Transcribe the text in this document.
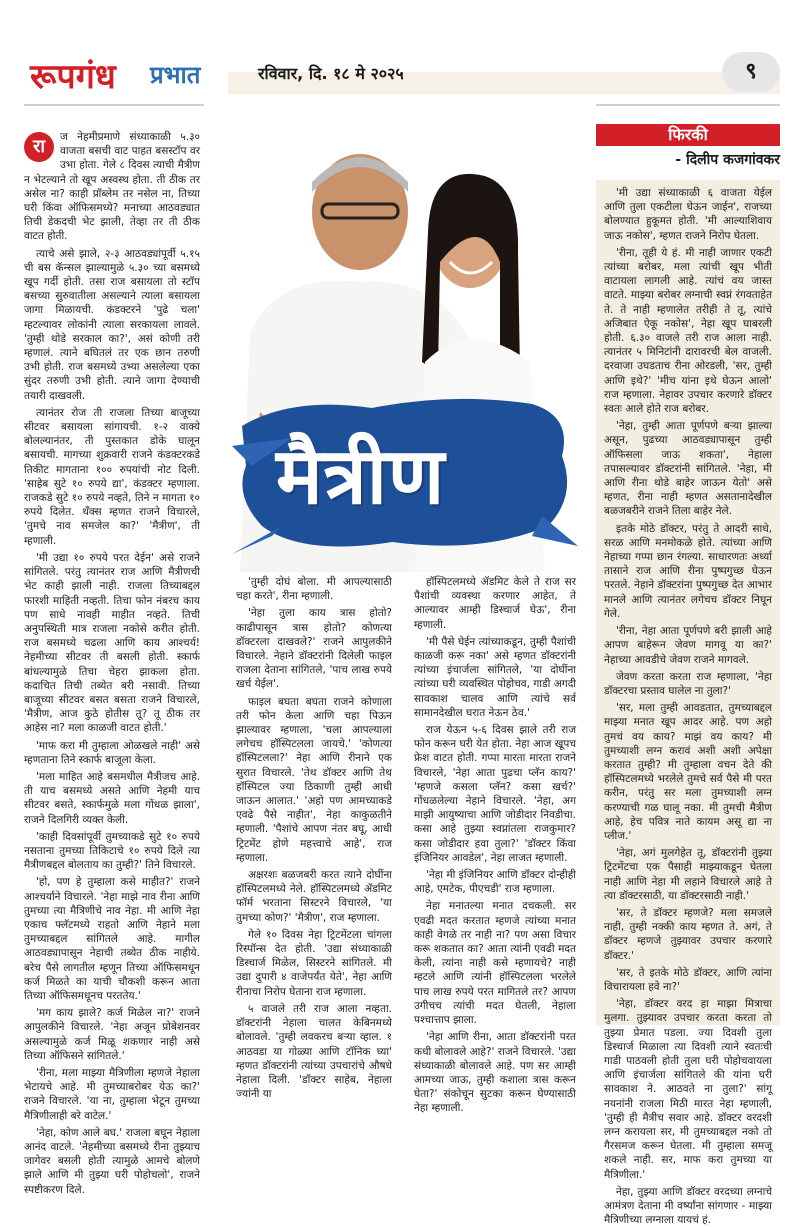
रूपगंध प्रभात	रविवार, दि. १८ मे २०२५	९
रा	ज नेहमीप्रमाणे संध्याकाळी ५.३० वाजता बसची वाट पाहत बसस्टॉप वर उभा होता. गेले ८ दिवस त्याची मैत्रीण न भेटल्याने तो खूप अस्वस्थ होता. ती ठीक तर असेल ना? काही प्रॉब्लेम तर नसेल ना, तिच्या घरी किंवा ऑफिसमध्ये? मनाच्या आठवड्यात तिची डेकदची भेट झाली, तेव्हा तर ती ठीक वाटत होती.

त्याचे असे झाले, २-३ आठवड्यांपूर्वी ५.१५ ची बस कॅन्सल झाल्यामुळे ५.३० च्या बसमध्ये खूप गर्दी होती. तसा राज बसायला तो स्टॉप बसच्या सुरुवातीला असल्याने त्याला बसायला जागा मिळायची. कंडक्टरने 'पुढे चला' म्हटल्यावर लोकांनी त्याला सरकायला लावले. 'तुम्ही थोडे सरकाल का?', असं कोणी तरी म्हणालं. त्याने बघितलं तर एक छान तरुणी उभी होती. राज बसमध्ये उभ्या असलेल्या एका सुंदर तरुणी उभी होती. त्याने जागा देण्याची तयारी दाखवली.

त्यानंतर रोज ती राजला तिच्या बाजूच्या सीटवर बसायला सांगायची. १-२ वाक्ये बोलल्यानंतर, ती पुस्तकात डोके घालून बसायची. मागच्या शुक्रवारी राजने कंडक्टरकडे तिकीट मागताना १०० रुपयांची नोट दिली. 'साहेब सुटे १० रुपये द्या', कंडक्टर म्हणाला. राजकडे सुटे १० रुपये नव्हते, तिने न मागता १० रुपये दिलेत. थँक्स म्हणत राजने विचारले, 'तुमचे नाव समजेल का?' 'मैत्रीण', ती म्हणाली.

'मी उद्या १० रुपये परत देईन' असे राजने सांगितले. परंतु त्यानंतर राज आणि मैत्रीणची भेट काही झाली नाही. राजला तिच्याबद्दल फारशी माहिती नव्हती. तिचा फोन नंबरच काय पण साधे नावही माहीत नव्हते. तिची अनुपस्थिती मात्र राजला नकोसे करीत होती. राज बसमध्ये चढला आणि काय आश्चर्य! नेहमीच्या सीटवर ती बसली होती. स्कार्फ बांधल्यामुळे तिचा चेहरा झाकला होता. कदाचित तिची तब्येत बरी नसावी. तिच्या बाजूच्या सीटवर बसत बसता राजने विचारले, 'मैत्रीण, आज कुठे होतीस तू? तू ठीक तर आहेस ना? मला काळजी वाटत होती.'

'माफ करा मी तुम्हाला ओळखले नाही' असे म्हणताना तिने स्कार्फ बाजूला केला.

'मला माहित आहे बसमधील मैत्रीजच आहे. ती याच बसमध्ये असते आणि नेहमी याच सीटवर बसते, स्कार्फमुळे मला गोंधळ झाला', राजने दिलगिरी व्यक्त केली.

'काही दिवसांपूर्वी तुमच्याकडे सुटे १० रुपये नसताना तुमच्या तिकिटाचे १० रुपये दिले त्या मैत्रीणबद्दल बोलताय का तुम्ही?' तिने विचारले.

'हो, पण हे तुम्हाला कसे माहीत?' राजने आश्चर्याने विचारले. 'नेहा माझे नाव रीना आणि तुमच्या त्या मैत्रिणीचे नाव नेहा. मी आणि नेहा एकाच फ्लॅटमध्ये राहतो आणि नेहाने मला तुमच्याबद्दल सांगितले आहे. मागील आठवड्यापासून नेहाची तब्येत ठीक नाहीये. बरेच पैसे लागतील म्हणून तिच्या ऑफिसमधून कर्ज मिळते का याची चौकशी करून आता तिच्या ऑफिसमधूनच परततेय.'

'मग काय झाले? कर्ज मिळेल ना?' राजने आपुलकीने विचारले. 'नेहा अजून प्रोबेशनवर असल्यामुळे कर्ज मिळू शकणार नाही असे तिच्या ऑफिसने सांगितले.'

'रीना, मला माझ्या मैत्रिणीला म्हणजे नेहाला भेटायचे आहे. मी तुमच्याबरोबर येऊ का?' राजने विचारले. 'या ना, तुम्हाला भेटून तुमच्या मैत्रिणीलाही बरे वाटेल.'

'नेहा, कोण आले बघ.' राजला बघून नेहाला आनंद वाटले. 'नेहमीच्या बसमध्ये रीना तुझ्याच जागेवर बसली होती त्यामुळे आमचे बोलणे झाले आणि मी तुझ्या घरी पोहोचलो', राजने स्पष्टीकरण दिले.

मैत्रीण

'तुम्ही दोघं बोला. मी आपल्यासाठी चहा करते', रीना म्हणाली.

'नेहा तुला काय त्रास होतो? काढीपासून त्रास होतो? कोणत्या डॉक्टरला दाखवले?' राजने आपुलकीने विचारले. नेहाने डॉक्टरांनी दिलेली फाइल राजला देताना सांगितले, 'पाच लाख रुपये खर्च येईल'.

फाइल बघता बघता राजने कोणाला तरी फोन केला आणि चहा पिऊन झाल्यावर म्हणाला, 'चला आपल्याला लगेचच हॉस्पिटलला जायचे.' 'कोणत्या हॉस्पिटलला?' नेहा आणि रीनाने एक सुरात विचारले. 'तेथ डॉक्टर आणि तेथ हॉस्पिटल ज्या ठिकाणी तुम्ही आधी जाऊन आलात.' 'अहो पण आमच्याकडे एवढे पैसे नाहीत', नेहा काकुळतीने म्हणाली. 'पैशांचे आपण नंतर बघू, आधी ट्रिटमेंट होणे महत्त्वाचे आहे', राज म्हणाला.

अक्षरशः बळजबरी करत त्याने दोघींना हॉस्पिटलमध्ये नेले. हॉस्पिटलमध्ये ॲडमिट फॉर्म भरताना सिस्टरने विचारले, 'या तुमच्या कोण?' 'मैत्रीण', राज म्हणाला.

गेले १० दिवस नेहा ट्रिटमेंटला चांगला रिस्पॉन्स देत होती. 'उद्या संध्याकाळी डिस्चार्ज मिळेल, सिस्टरने सांगितले. मी उद्या दुपारी ४ वाजेपर्यंत येते', नेहा आणि रीनाचा निरोप घेताना राज म्हणाला.

५ वाजले तरी राज आला नव्हता. डॉक्टरांनी नेहाला चालत केबिनमध्ये बोलावले. 'तुम्ही लवकरच बऱ्या व्हाल. १ आठवडा या गोळ्या आणि टॉनिक घ्या' म्हणत डॉक्टरांनी त्यांच्या उपचारांचे औषधे नेहाला दिली. 'डॉक्टर साहेब, नेहाला ज्यांनी या

हॉस्पिटलमध्ये ॲडमिट केले ते राज सर पैशांची व्यवस्था करणार आहेत, ते आल्यावर आम्ही डिस्चार्ज घेऊ', रीना म्हणाली.

'मी पैसे घेईन त्यांच्याकडून, तुम्ही पैशांची काळजी करू नका' असे म्हणत डॉक्टरांनी त्यांच्या इंचार्जला सांगितले, 'या दोघींना त्यांच्या घरी व्यवस्थित पोहोचव, गाडी अगदी सावकाश चालव आणि त्यांचे सर्व सामानदेखील घरात नेऊन ठेव.'

राज येऊन ५-६ दिवस झाले तरी राज फोन करून घरी येत होता. नेहा आज खूपच फ्रेश वाटत होती. गप्पा मारता मारता राजने विचारले, 'नेहा आता पुढचा प्लॅन काय?' 'म्हणजे कसला प्लॅन? कसा खर्च?' गोंधळलेल्या नेहाने विचारले. 'नेहा, अग माझी आयुष्याचा आणि जोडीदार निवडीचा. कसा आहे तुझ्या स्वप्नांतला राजकुमार? कसा जोडीदार हवा तुला?' 'डॉक्टर किंवा इंजिनियर आवडेल', नेहा लाजत म्हणाली.

'नेहा मी इंजिनियर आणि डॉक्टर दोन्हीही आहे, एमटेक, पीएचडी' राज म्हणाला.

नेहा मनातल्या मनात दचकली. सर एवढी मदत करतात म्हणजे त्यांच्या मनात काही वेगळे तर नाही ना? पण असा विचार करू शकतात का? आता त्यांनी एवढी मदत केली, त्यांना नाही कसे म्हणायचे? नाही म्हटले आणि त्यांनी हॉस्पिटलला भरलेले पाच लाख रुपये परत मागितले तर? आपण उगीचच त्यांची मदत घेतली, नेहाला पश्चात्ताप झाला.

'नेहा आणि रीना, आता डॉक्टरांनी परत कधी बोलावले आहे?' राजने विचारले. 'उद्या संध्याकाळी बोलावले आहे. पण सर आम्ही आमच्या जाऊ, तुम्ही कशाला त्रास करून घेता?' संकोचून सुटका करून घेण्यासाठी नेहा म्हणाली.

फिरकी
- दिलीप कजगांवकर

'मी उद्या संध्याकाळी ६ वाजता येईल आणि तुला एकटीला घेऊन जाईन', राजच्या बोलण्यात हुकूमत होती. 'मी आल्याशिवाय जाऊ नकोस', म्हणत राजने निरोप घेतला.

'रीना, तूही ये हं. मी नाही जाणार एकटी त्यांच्या बरोबर, मला त्यांची खूप भीती वाटायला लागली आहे. त्यांचं वय जास्त वाटते. माझ्या बरोबर लग्नाची स्वप्नं रंगवताहेत ते. ते नाही म्हणालेत तरीही ते तू, त्यांचे अजिबात ऐकू नकोस', नेहा खूप घाबरली होती. ६.३० वाजले तरी राज आला नाही. त्यानंतर ५ मिनिटांनी दारावरची बेल वाजली. दरवाजा उघडताच रीना ओरडली, 'सर, तुम्ही आणि इथे?' 'मीच यांना इथे घेऊन आलो' राज म्हणाला. नेहावर उपचार करणारे डॉक्टर स्वतः आले होते राज बरोबर.

'नेहा, तुम्ही आता पूर्णपणे बऱ्या झाल्या असून, पुढच्या आठवड्यापासून तुम्ही ऑफिसला जाऊ शकता', नेहाला तपासल्यावर डॉक्टरांनी सांगितले. 'नेहा, मी आणि रीना थोडे बाहेर जाऊन येतो' असे म्हणत, रीना नाही म्हणत असतानादेखील बळजबरीने राजने तिला बाहेर नेले.

इतके मोठे डॉक्टर, परंतु ते आदरी साधे, सरळ आणि मनमोकळे होते. त्यांच्या आणि नेहाच्या गप्पा छान रंगल्या. साधारणतः अर्ध्या तासाने राज आणि रीना पुष्पगुच्छ घेऊन परतले. नेहाने डॉक्टरांना पुष्पगुच्छ देत आभार मानले आणि त्यानंतर लगेचच डॉक्टर निघून गेले.

'रीना, नेहा आता पूर्णपणे बरी झाली आहे आपण बाहेरून जेवण मागवू या का?' नेहाच्या आवडीचे जेवण राजने मागवले.

जेवण करता करता राज म्हणाला, 'नेहा डॉक्टरचा प्रस्ताव घालेल ना तुला?'

'सर, मला तुम्ही आवडतात, तुमच्याबद्दल माझ्या मनात खूप आदर आहे. पण अहो तुमचं वय काय? माझं वय काय? मी तुमच्याशी लग्न करावं अशी अशी अपेक्षा करतात तुम्ही? मी तुम्हाला वचन देते की हॉस्पिटलमध्ये भरलेले तुमचे सर्व पैसे मी परत करीन, परंतु सर मला तुमच्याशी लग्न करण्याची गळ घालू नका. मी तुमची मैत्रीण आहे, हेच पवित्र नाते कायम असू द्या ना प्लीज.'

'नेहा, अगं मुलगेहेत तू, डॉक्टरांनी तुझ्या ट्रिटमेंटचा एक पैसाही माझ्याकडून घेतला नाही आणि नेहा मी लहाने विचारले आहे ते त्या डॉक्टरसाठी, या डॉक्टरसाठी नाही.'

'सर, ते डॉक्टर म्हणजे? मला समजले नाही, तुम्ही नक्की काय म्हणत ते. अगं, ते डॉक्टर म्हणजे तुझ्यावर उपचार करणारे डॉक्टर.'

'सर, ते इतके मोठे डॉक्टर, आणि त्यांना विचारायला हवे ना?'

'नेहा, डॉक्टर वरद हा माझा मित्राचा मुलगा. तुझ्यावर उपचार करता करता तो तुझ्या प्रेमात पडला. ज्या दिवशी तुला डिस्चार्ज मिळाला त्या दिवशी त्याने स्वतःची गाडी पाठवली होती तुला घरी पोहोचवायला आणि इंचार्जला सांगितले की यांना घरी सावकाश ने. आठवते ना तुला?' सांगू नयनांनी राजला मिठी मारत नेहा म्हणाली, 'तुम्ही ही मैत्रीच सवार आहे. डॉक्टर वरदशी लग्न करायला सर, मी तुमच्याबद्दल नको तो गैरसमज करून घेतला. मी तुम्हाला समजू शकले नाही. सर, माफ करा तुमच्या या मैत्रिणीला.'

नेहा, तुझ्या आणि डॉक्टर वरदच्या लग्नाचे आमंत्रण देताना मी वर्ष्यांना सांगणार - माझ्या मैत्रिणीच्या लग्नाला यायचं हं.
